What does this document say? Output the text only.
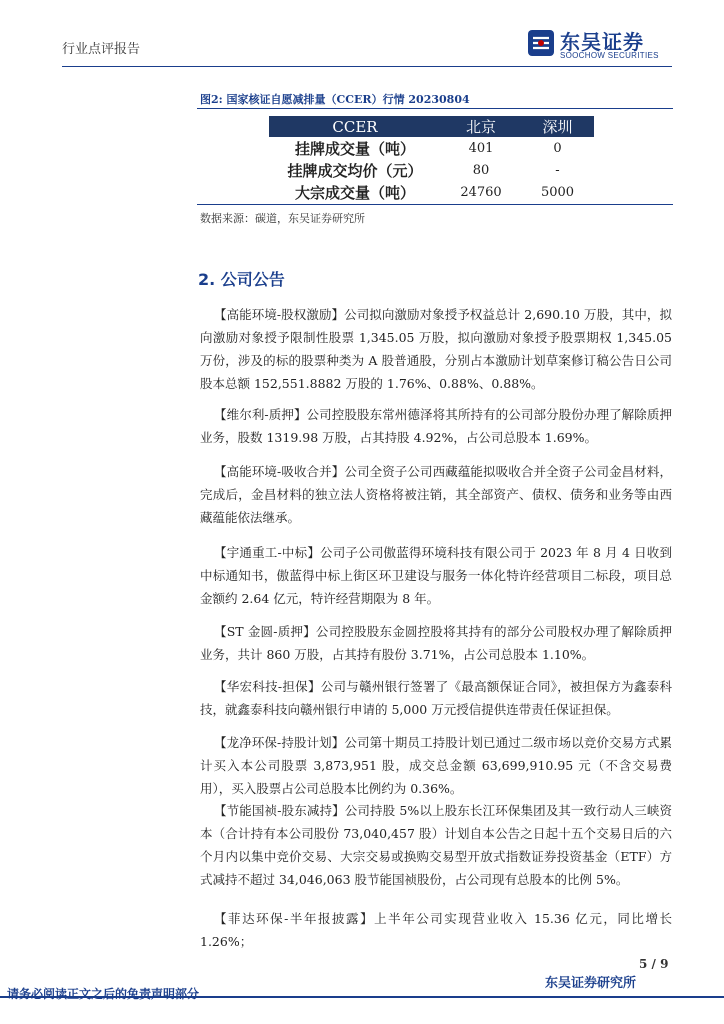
行业点评报告	东吴证券
SOOCHOW SECURITIES
图2: 国家核证自愿减排量（CCER）行情 20230804
CCER	北京	深圳
挂牌成交量（吨）	401	0
挂牌成交均价（元）	80	-
大宗成交量（吨）	24760	5000
数据来源：碳道，东吴证券研究所
2. 公司公告

【高能环境-股权激励】公司拟向激励对象授予权益总计 2,690.10 万股，其中，拟向激励对象授予限制性股票 1,345.05 万股，拟向激励对象授予股票期权 1,345.05 万份，涉及的标的股票种类为 A 股普通股，分别占本激励计划草案修订稿公告日公司股本总额 152,551.8882 万股的 1.76%、0.88%、0.88%。

【维尔利-质押】公司控股股东常州德泽将其所持有的公司部分股份办理了解除质押业务，股数 1319.98 万股，占其持股 4.92%，占公司总股本 1.69%。

【高能环境-吸收合并】公司全资子公司西藏蕴能拟吸收合并全资子公司金昌材料，完成后，金昌材料的独立法人资格将被注销，其全部资产、债权、债务和业务等由西藏蕴能依法继承。

【宇通重工-中标】公司子公司傲蓝得环境科技有限公司于 2023 年 8 月 4 日收到中标通知书，傲蓝得中标上街区环卫建设与服务一体化特许经营项目二标段，项目总金额约 2.64 亿元，特许经营期限为 8 年。

【ST 金圆-质押】公司控股股东金圆控股将其持有的部分公司股权办理了解除质押业务，共计 860 万股，占其持有股份 3.71%，占公司总股本 1.10%。

【华宏科技-担保】公司与赣州银行签署了《最高额保证合同》，被担保方为鑫泰科技，就鑫泰科技向赣州银行申请的 5,000 万元授信提供连带责任保证担保。

【龙净环保-持股计划】公司第十期员工持股计划已通过二级市场以竞价交易方式累计买入本公司股票 3,873,951 股，成交总金额 63,699,910.95 元（不含交易费用），买入股票占公司总股本比例约为 0.36%。

【节能国祯-股东减持】公司持股 5%以上股东长江环保集团及其一致行动人三峡资本（合计持有本公司股份 73,040,457 股）计划自本公告之日起十五个交易日后的六个月内以集中竞价交易、大宗交易或换购交易型开放式指数证券投资基金（ETF）方式减持不超过 34,046,063 股节能国祯股份，占公司现有总股本的比例 5%。

【菲达环保-半年报披露】上半年公司实现营业收入 15.36 亿元，同比增长 1.26%；

5 / 9
东吴证券研究所
请务必阅读正文之后的免责声明部分
